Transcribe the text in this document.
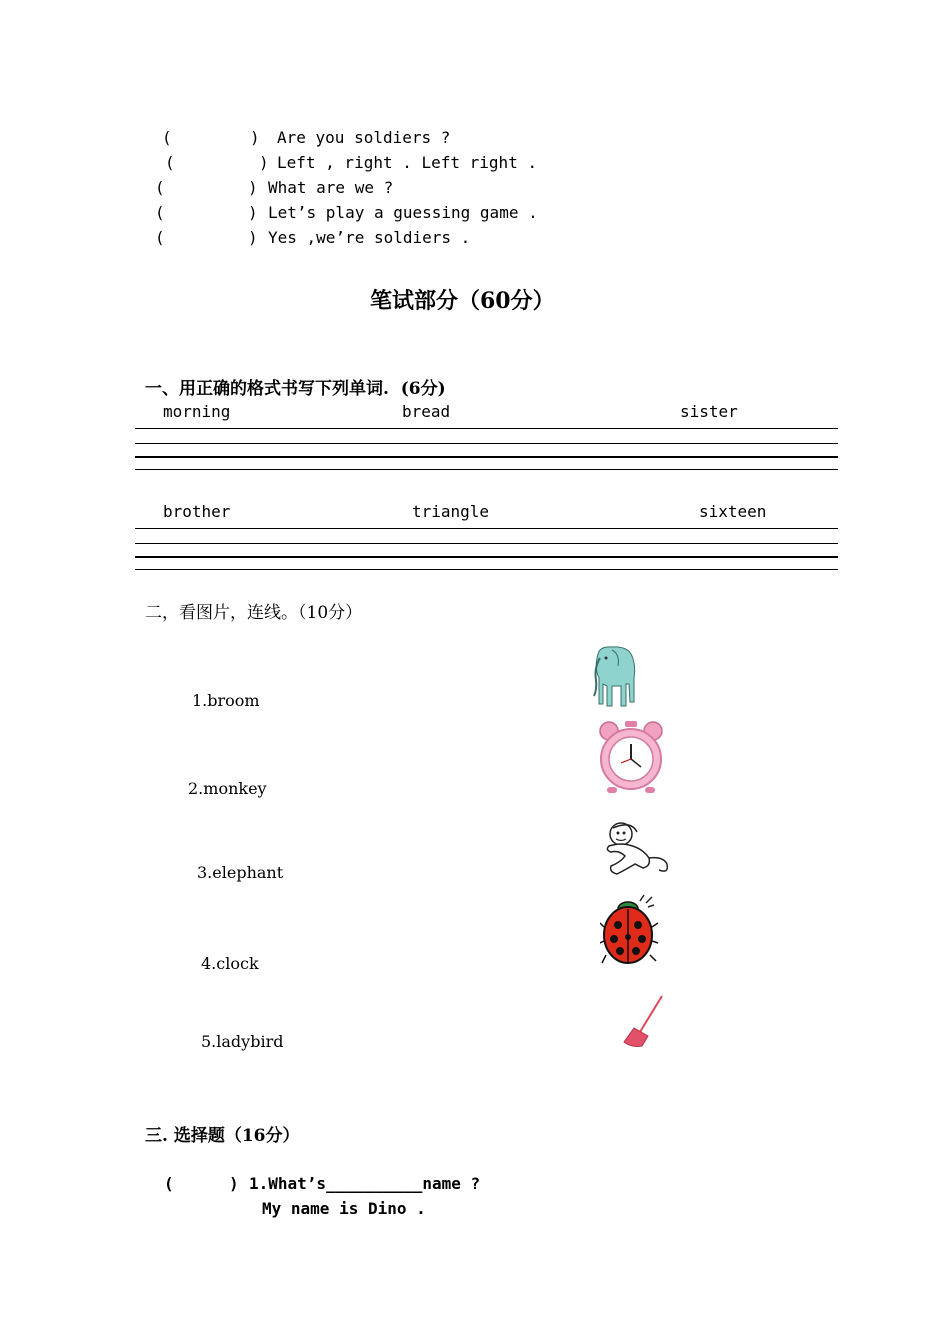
(	) Are you soldiers ?
(	) Left , right . Left right .
(	) What are we ?
(	) Let’s play a guessing game .
(	) Yes ,we’re soldiers .
笔试部分（60分）
一、用正确的格式书写下列单词.  (6分)
morning	bread	sister
brother	triangle	sixteen
二，看图片，连线。（10分）
1.broom
2.monkey
3.elephant
4.clock
5.ladybird
三. 选择题（16分）
(	) 1.What’s__________name ?
My name is Dino .
